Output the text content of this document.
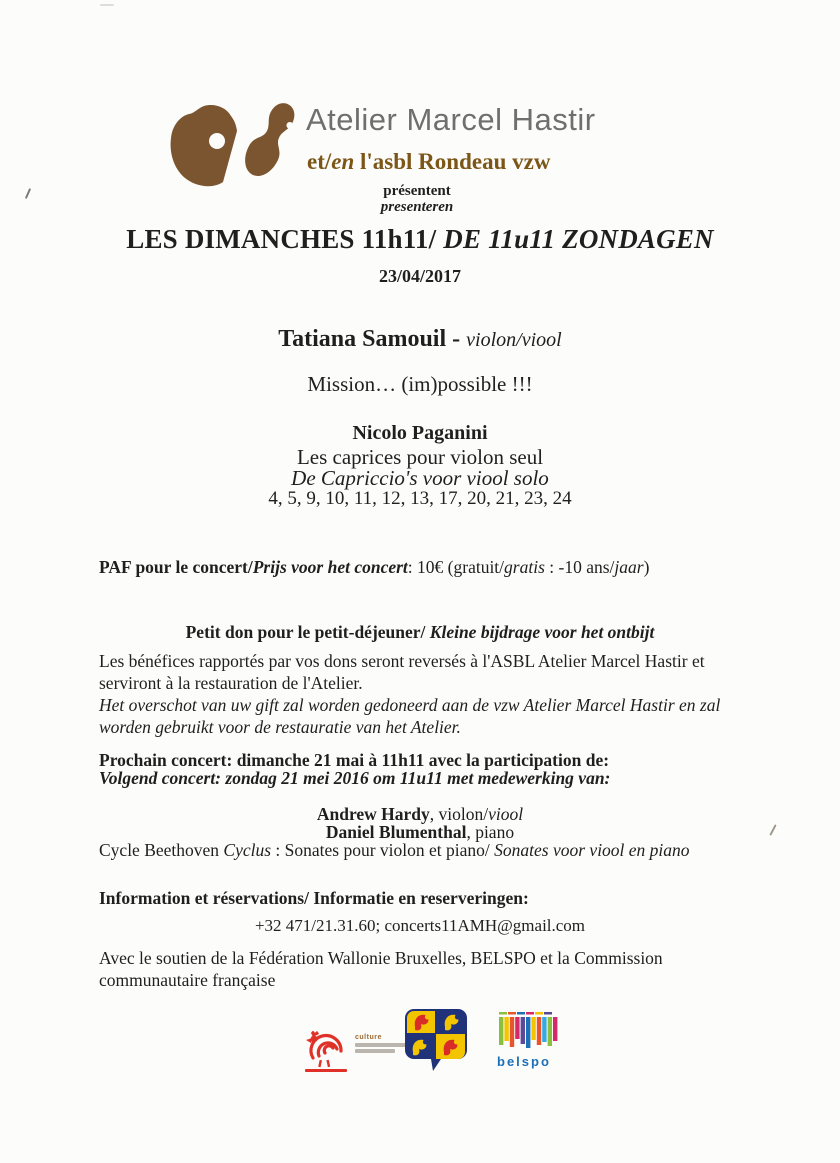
Atelier Marcel Hastir
et/en l'asbl Rondeau vzw
présentent
presenteren
LES DIMANCHES 11h11/ DE 11u11 ZONDAGEN
23/04/2017
Tatiana Samouil - violon/viool
Mission… (im)possible !!!
Nicolo Paganini
Les caprices pour violon seul
De Capriccio's voor viool solo
4, 5, 9, 10, 11, 12, 13, 17, 20, 21, 23, 24
PAF pour le concert/Prijs voor het concert: 10€ (gratuit/gratis : -10 ans/jaar)
Petit don pour le petit-déjeuner/ Kleine bijdrage voor het ontbijt
Les bénéfices rapportés par vos dons seront reversés à l'ASBL Atelier Marcel Hastir et serviront à la restauration de l'Atelier.
Het overschot van uw gift zal worden gedoneerd aan de vzw Atelier Marcel Hastir en zal worden gebruikt voor de restauratie van het Atelier.
Prochain concert: dimanche 21 mai à 11h11 avec la participation de:
Volgend concert: zondag 21 mei 2016 om 11u11 met medewerking van:
Andrew Hardy, violon/viool
Daniel Blumenthal, piano
Cycle Beethoven Cyclus : Sonates pour violon et piano/ Sonates voor viool en piano
Information et réservations/ Informatie en reserveringen:
+32 471/21.31.60; concerts11AMH@gmail.com
Avec le soutien de la Fédération Wallonie Bruxelles, BELSPO et la Commission communautaire française
culture
belspo
